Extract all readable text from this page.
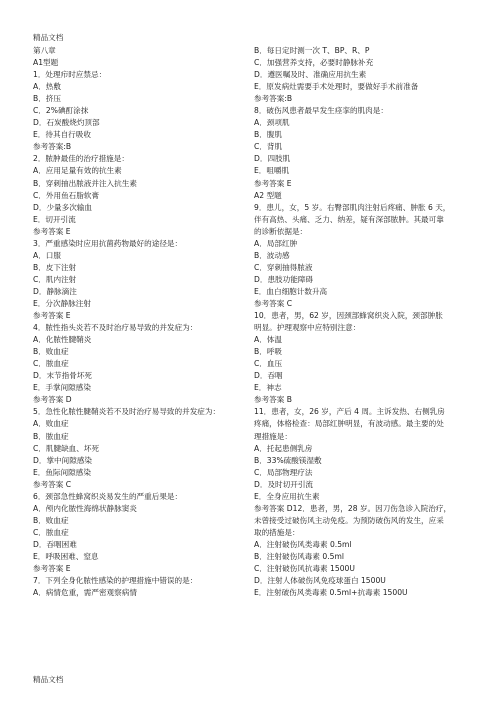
精品文档
第八章
A1型题
1．处理疖时应禁忌：
A．热敷
B．挤压
C．2%碘酊涂抹
D．石炭酸烧灼顶部
E．待其自行吸收
参考答案:B
2．脓肿最佳的治疗措施是：
A．应用足量有效的抗生素
B．穿刺抽出脓液并注入抗生素
C．外用鱼石脂软膏
D．少量多次输血
E．切开引流
参考答案 E
3．严重感染时应用抗菌药物最好的途径是：
A．口服
B．皮下注射
C．肌内注射
D．静脉滴注
E．分次静脉注射
参考答案 E
4．脓性指头炎若不及时治疗易导致的并发症为：
A．化脓性腱鞘炎
B．败血症
C．脓血症
D．末节指骨坏死
E．手掌间隙感染
参考答案 D
5．急性化脓性腱鞘炎若不及时治疗易导致的并发症为：
A．败血症
B．脓血症
C．肌腱缺血、坏死
D．掌中间隙感染
E．鱼际间隙感染
参考答案 C
6．颈部急性蜂窝织炎易发生的严重后果是：
A．颅内化脓性海绵状静脉窦炎
B．败血症
C．脓血症
D．吞咽困难
E．呼吸困难、窒息
参考答案 E
7．下列全身化脓性感染的护理措施中错误的是：
A．病情危重，需严密观察病情
B．每日定时测一次 T、BP、R、P
C．加强营养支持，必要时静脉补充
D．遵医嘱及时、准确应用抗生素
E．原发病灶需要手术处理时，要做好手术前准备
参考答案:B
8．破伤风患者最早发生痉挛的肌肉是：
A．颈项肌
B．腹肌
C．背肌
D．四肢肌
E．咀嚼肌
参考答案 E
A2 型题
9．患儿，女，5 岁。右臀部肌肉注射后疼痛、肿胀 6 天，
伴有高热、头痛、乏力、纳差，疑有深部脓肿。其最可靠
的诊断依据是：
A．局部红肿
B．波动感
C．穿刺抽得脓液
D．患肢功能障碍
E．血白细胞计数升高
参考答案 C
10．患者，男，62 岁，因颈部蜂窝织炎入院，颈部肿胀
明显。护理观察中应特别注意：
A．体温
B．呼吸
C．血压
D．吞咽
E．神志
参考答案 B
11．患者，女，26 岁，产后 4 周。主诉发热、右侧乳房
疼痛，体格检查：局部红肿明显，有波动感。最主要的处
理措施是：
A．托起患侧乳房
B．33%硫酸镁湿敷
C．局部物理疗法
D．及时切开引流
E．全身应用抗生素
参考答案 D12．患者，男，28 岁。因刀伤急诊入院治疗，
未曾接受过破伤风主动免疫。为预防破伤风的发生，应采
取的措施是：
A．注射破伤风类毒素 0.5ml
B．注射破伤风毒素 0.5ml
C．注射破伤风抗毒素 1500U
D．注射人体破伤风免疫球蛋白 1500U
E．注射破伤风类毒素 0.5ml+抗毒素 1500U
精品文档
